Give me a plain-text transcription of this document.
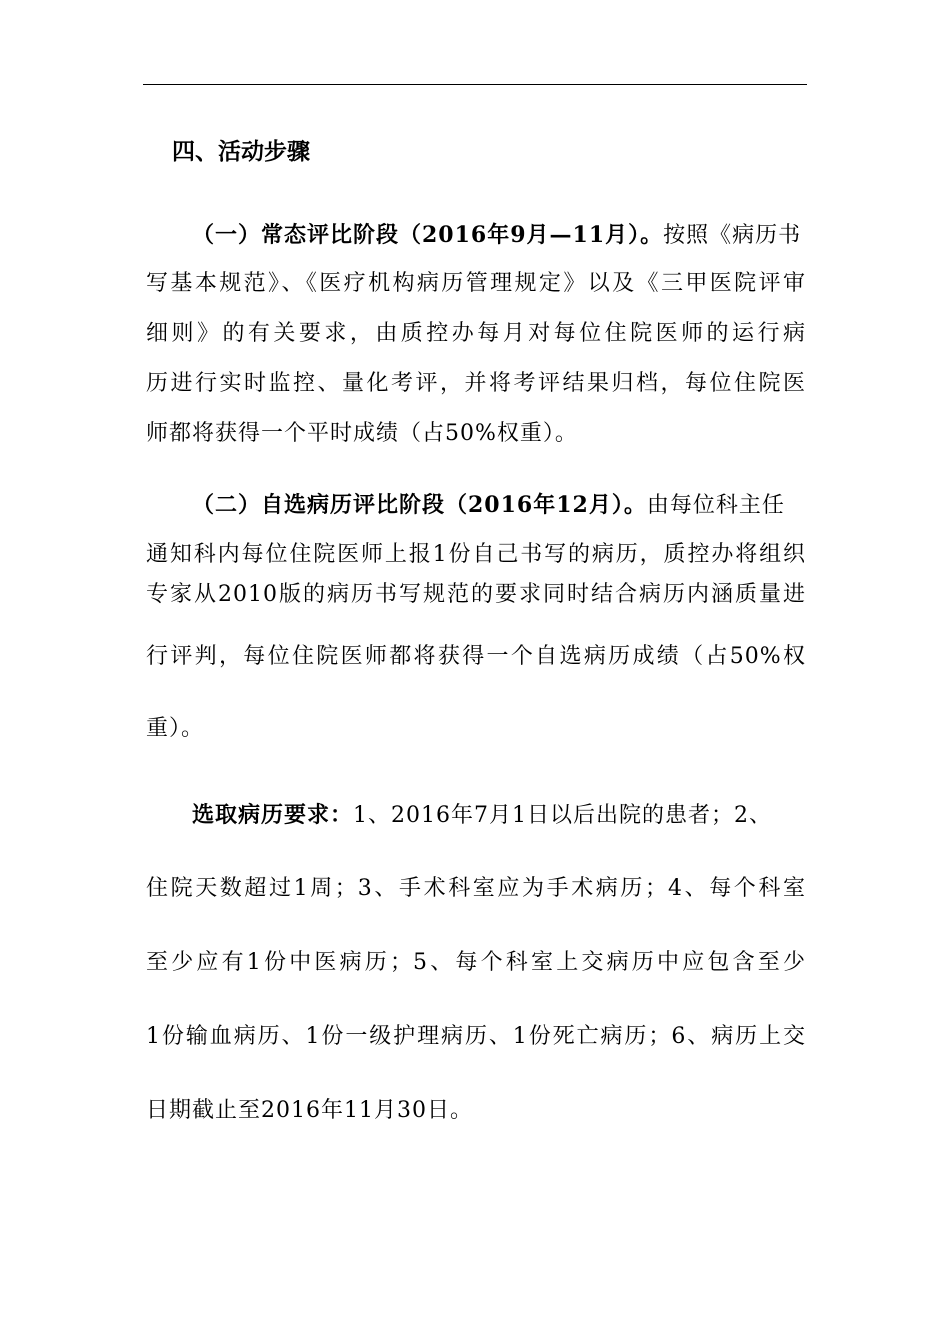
四、活动步骤
（一）常态评比阶段（2016年9月—11月）。按照《病历书
写基本规范》、《医疗机构病历管理规定》以及《三甲医院评审
细则》的有关要求，由质控办每月对每位住院医师的运行病
历进行实时监控、量化考评，并将考评结果归档，每位住院医
师都将获得一个平时成绩（占50%权重）。
（二）自选病历评比阶段（2016年12月）。由每位科主任
通知科内每位住院医师上报1份自己书写的病历，质控办将组织
专家从2010版的病历书写规范的要求同时结合病历内涵质量进
行评判，每位住院医师都将获得一个自选病历成绩（占50%权
重）。
选取病历要求：1、2016年7月1日以后出院的患者；2、
住院天数超过1周；3、手术科室应为手术病历；4、每个科室
至少应有1份中医病历；5、每个科室上交病历中应包含至少
1份输血病历、1份一级护理病历、1份死亡病历；6、病历上交
日期截止至2016年11月30日。
